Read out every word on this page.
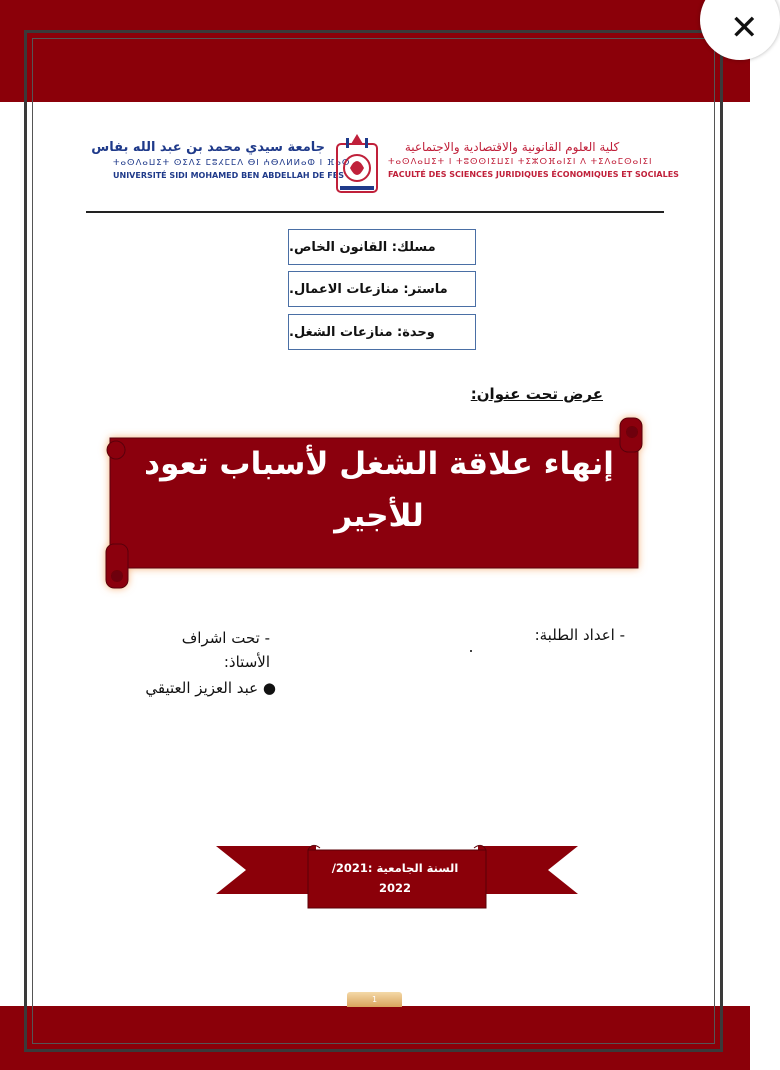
✕
جامعة سيدي محمد بن عبد الله بفاس
ⵜⴰⵙⴷⴰⵡⵉⵜ ⵙⵉⴷⵉ ⵎⵓⵃⵎⵎⴷ ⴱⵏ ⵄⴱⴷⵍⵍⴰⵀ ⵏ ⴼⴰⵙ
UNIVERSITÉ SIDI MOHAMED BEN ABDELLAH DE FES
كلية العلوم القانونية والاقتصادية والاجتماعية
ⵜⴰⵙⴷⴰⵡⵉⵜ ⵏ ⵜⵓⵙⵙⵏⵉⵡⵉⵏ ⵜⵉⵣⵔⴼⴰⵏⵉⵏ ⴷ ⵜⵉⴷⴰⵎⵙⴰⵏⵉⵏ
FACULTÉ DES SCIENCES JURIDIQUES ÉCONOMIQUES ET SOCIALES
مسلك: القانون الخاص.
ماستر: منازعات الاعمال.
وحدة: منازعات الشغل.
عرض تحت عنوان:
إنهاء علاقة الشغل لأسباب تعود
للأجير
- اعداد الطلبة:
- تحت اشراف الأستاذ:
● عبد العزيز العتيقي
السنة الجامعية :2021/
2022
1
